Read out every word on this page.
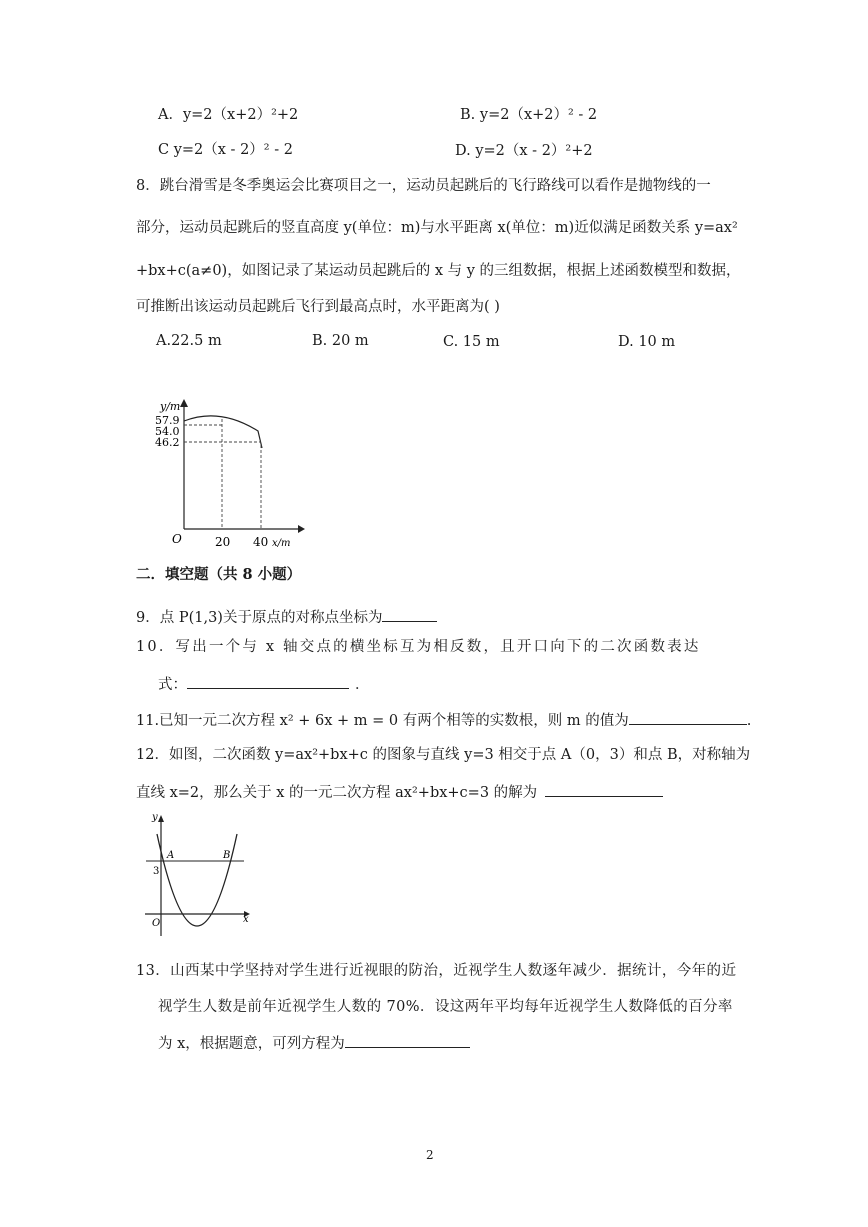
A．y=2（x+2）²+2	B. y=2（x+2）² - 2
C y=2（x - 2）² - 2	D. y=2（x - 2）²+2
8．跳台滑雪是冬季奥运会比赛项目之一，运动员起跳后的飞行路线可以看作是抛物线的一
部分，运动员起跳后的竖直高度 y(单位：m)与水平距离 x(单位：m)近似满足函数关系 y=ax²
+bx+c(a≠0)，如图记录了某运动员起跳后的 x 与 y 的三组数据，根据上述函数模型和数据，
可推断出该运动员起跳后飞行到最高点时，水平距离为( )
A.22.5 m	B. 20 m	C. 15 m	D. 10 m
y/m
57.9
54.0
46.2
O	20 40 x/m
二．填空题（共 8 小题）
9．点 P(1,3)关于原点的对称点坐标为
10．写出一个与 x 轴交点的横坐标互为相反数，且开口向下的二次函数表达
式：	．
11.已知一元二次方程 x² + 6x + m = 0 有两个相等的实数根，则 m 的值为	.
12．如图，二次函数 y=ax²+bx+c 的图象与直线 y=3 相交于点 A（0，3）和点 B，对称轴为
直线 x=2，那么关于 x 的一元二次方程 ax²+bx+c=3 的解为
y
x
O
A	B
3
13．山西某中学坚持对学生进行近视眼的防治，近视学生人数逐年减少．据统计，今年的近
视学生人数是前年近视学生人数的 70%．设这两年平均每年近视学生人数降低的百分率
为 x，根据题意，可列方程为
2
